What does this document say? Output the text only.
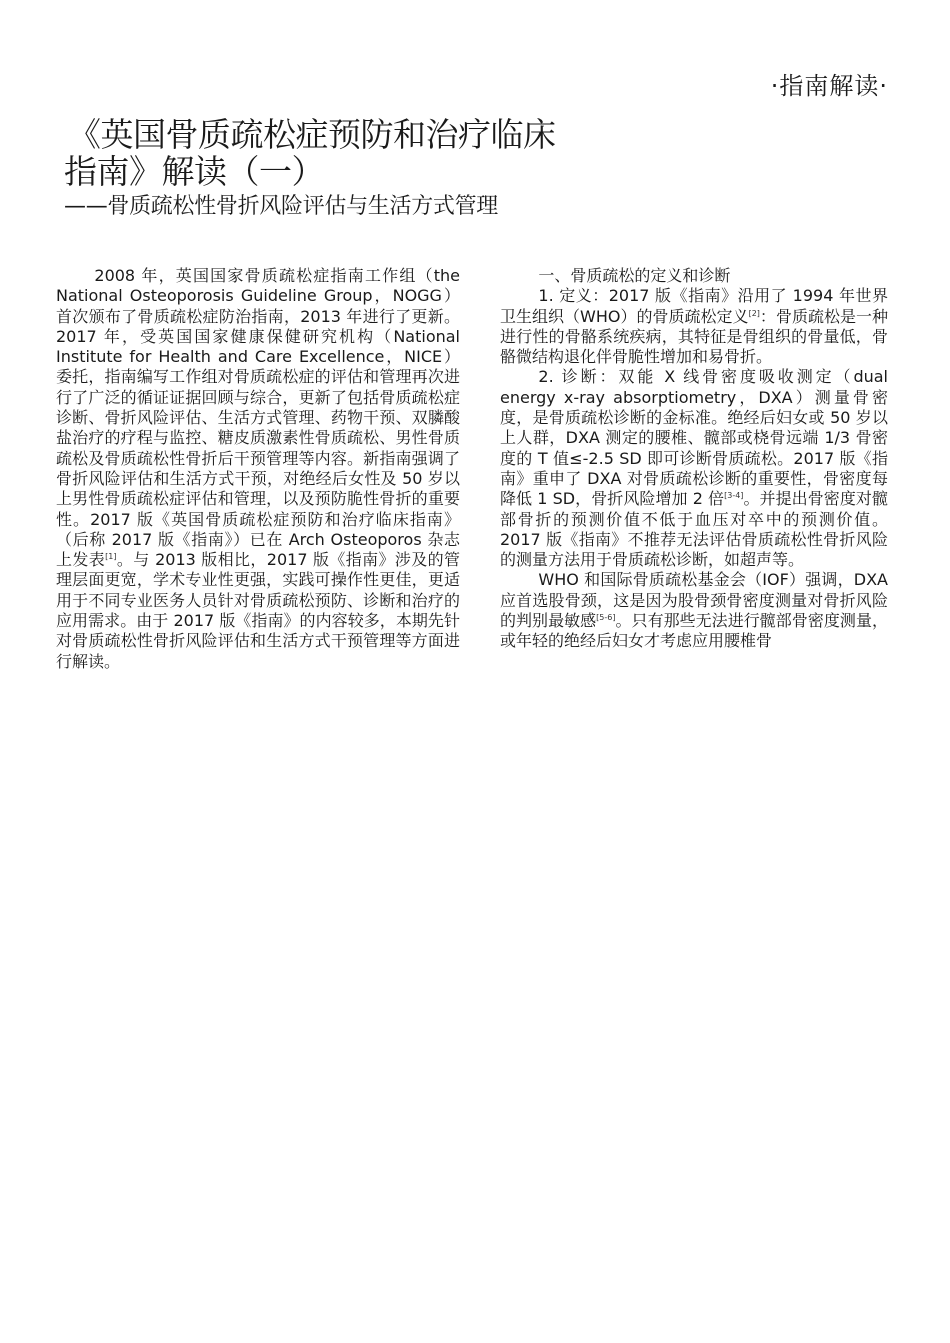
·指南解读·
《英国骨质疏松症预防和治疗临床
指南》解读（一）
——骨质疏松性骨折风险评估与生活方式管理

2008 年，英国国家骨质疏松症指南工作组（the National Osteoporosis Guideline Group，NOGG）首次颁布了骨质疏松症防治指南，2013 年进行了更新。2017 年，受英国国家健康保健研究机构（National Institute for Health and Care Excellence，NICE）委托，指南编写工作组对骨质疏松症的评估和管理再次进行了广泛的循证证据回顾与综合，更新了包括骨质疏松症诊断、骨折风险评估、生活方式管理、药物干预、双膦酸盐治疗的疗程与监控、糖皮质激素性骨质疏松、男性骨质疏松及骨质疏松性骨折后干预管理等内容。新指南强调了骨折风险评估和生活方式干预，对绝经后女性及 50 岁以上男性骨质疏松症评估和管理，以及预防脆性骨折的重要性。2017 版《英国骨质疏松症预防和治疗临床指南》（后称 2017 版《指南》）已在 Arch Osteoporos 杂志上发表[1]。与 2013 版相比，2017 版《指南》涉及的管理层面更宽，学术专业性更强，实践可操作性更佳，更适用于不同专业医务人员针对骨质疏松预防、诊断和治疗的应用需求。由于 2017 版《指南》的内容较多，本期先针对骨质疏松性骨折风险评估和生活方式干预管理等方面进行解读。

一、骨质疏松的定义和诊断

1. 定义：2017 版《指南》沿用了 1994 年世界卫生组织（WHO）的骨质疏松定义[2]：骨质疏松是一种进行性的骨骼系统疾病，其特征是骨组织的骨量低，骨骼微结构退化伴骨脆性增加和易骨折。

2. 诊断：双能 X 线骨密度吸收测定（dual energy x-ray absorptiometry，DXA）测量骨密度，是骨质疏松诊断的金标准。绝经后妇女或 50 岁以上人群，DXA 测定的腰椎、髋部或桡骨远端 1/3 骨密度的 T 值≤-2.5 SD 即可诊断骨质疏松。2017 版《指南》重申了 DXA 对骨质疏松诊断的重要性，骨密度每降低 1 SD，骨折风险增加 2 倍[3-4]。并提出骨密度对髋部骨折的预测价值不低于血压对卒中的预测价值。2017 版《指南》不推荐无法评估骨质疏松性骨折风险的测量方法用于骨质疏松诊断，如超声等。

WHO 和国际骨质疏松基金会（IOF）强调，DXA 应首选股骨颈，这是因为股骨颈骨密度测量对骨折风险的判别最敏感[5-6]。只有那些无法进行髋部骨密度测量，或年轻的绝经后妇女才考虑应用腰椎骨
